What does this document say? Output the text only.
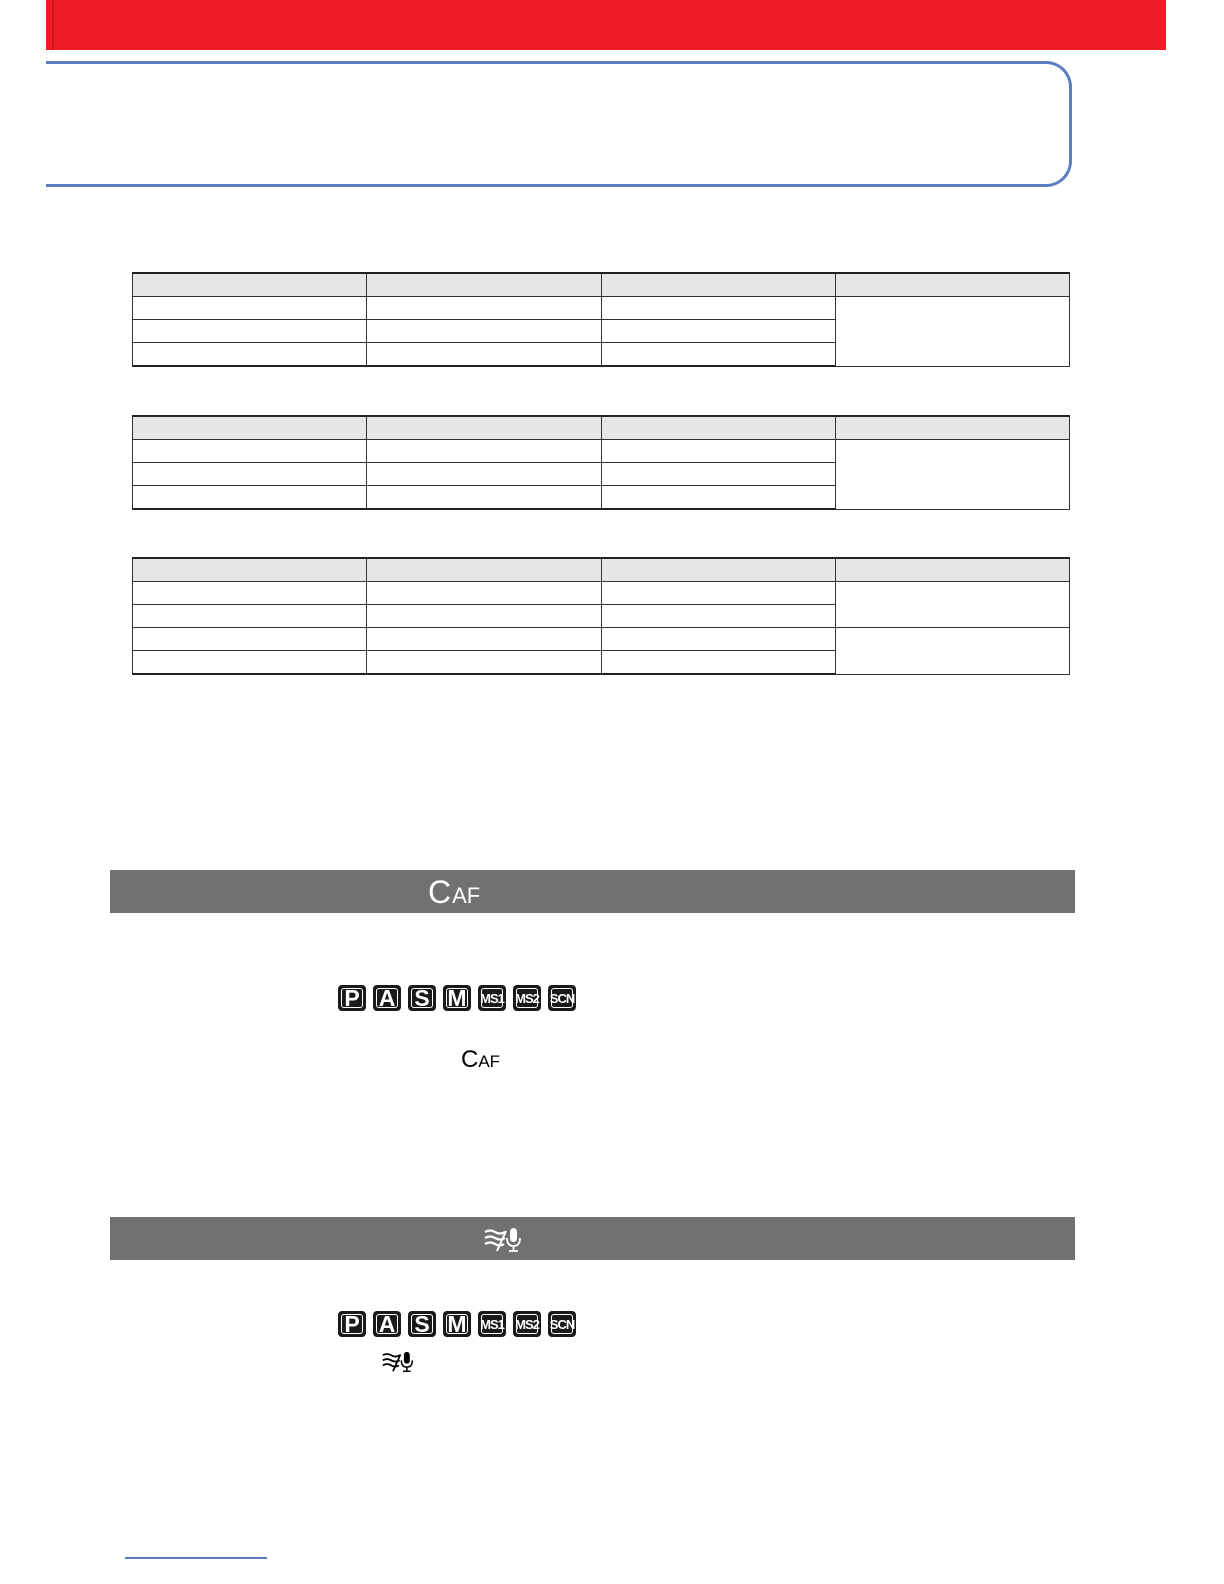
CAF
P A S M MS1 MS2 SCN
CAF
P A S M MS1 MS2 SCN
